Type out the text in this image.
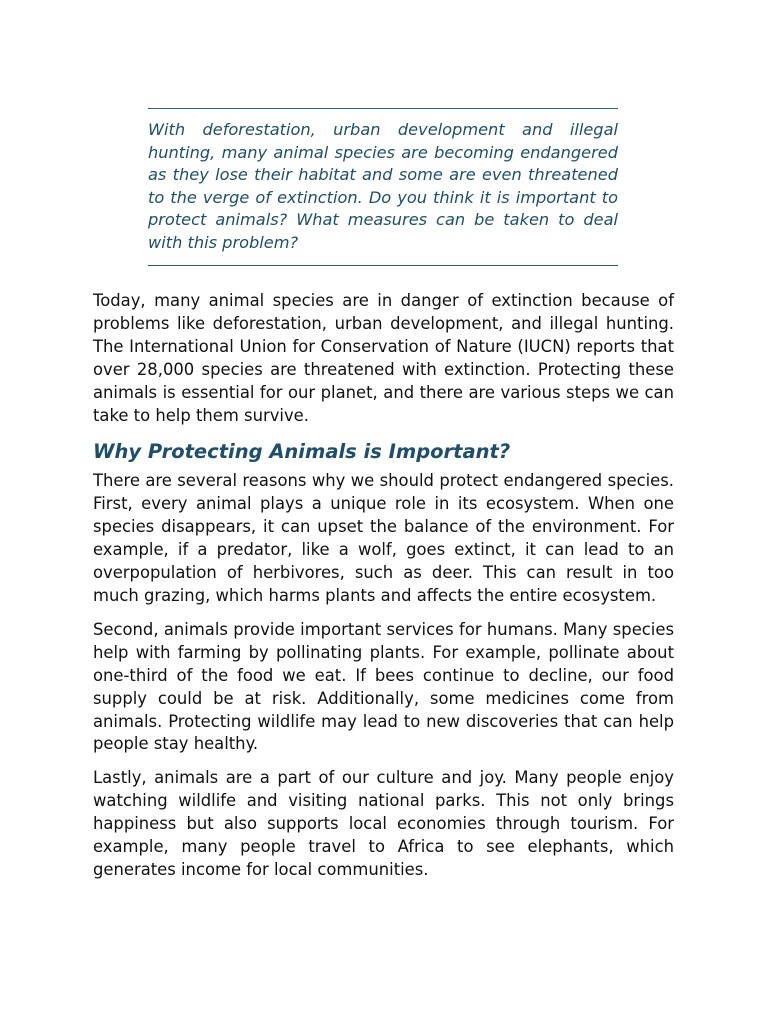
With deforestation, urban development and illegal hunting, many animal species are becoming endangered as they lose their habitat and some are even threatened to the verge of extinction. Do you think it is important to protect animals? What measures can be taken to deal with this problem?

Today, many animal species are in danger of extinction because of problems like deforestation, urban development, and illegal hunting. The International Union for Conservation of Nature (IUCN) reports that over 28,000 species are threatened with extinction. Protecting these animals is essential for our planet, and there are various steps we can take to help them survive.

Why Protecting Animals is Important?

There are several reasons why we should protect endangered species. First, every animal plays a unique role in its ecosystem. When one species disappears, it can upset the balance of the environment. For example, if a predator, like a wolf, goes extinct, it can lead to an overpopulation of herbivores, such as deer. This can result in too much grazing, which harms plants and affects the entire ecosystem.

Second, animals provide important services for humans. Many species help with farming by pollinating plants. For example, pollinate about one-third of the food we eat. If bees continue to decline, our food supply could be at risk. Additionally, some medicines come from animals. Protecting wildlife may lead to new discoveries that can help people stay healthy.

Lastly, animals are a part of our culture and joy. Many people enjoy watching wildlife and visiting national parks. This not only brings happiness but also supports local economies through tourism. For example, many people travel to Africa to see elephants, which generates income for local communities.
